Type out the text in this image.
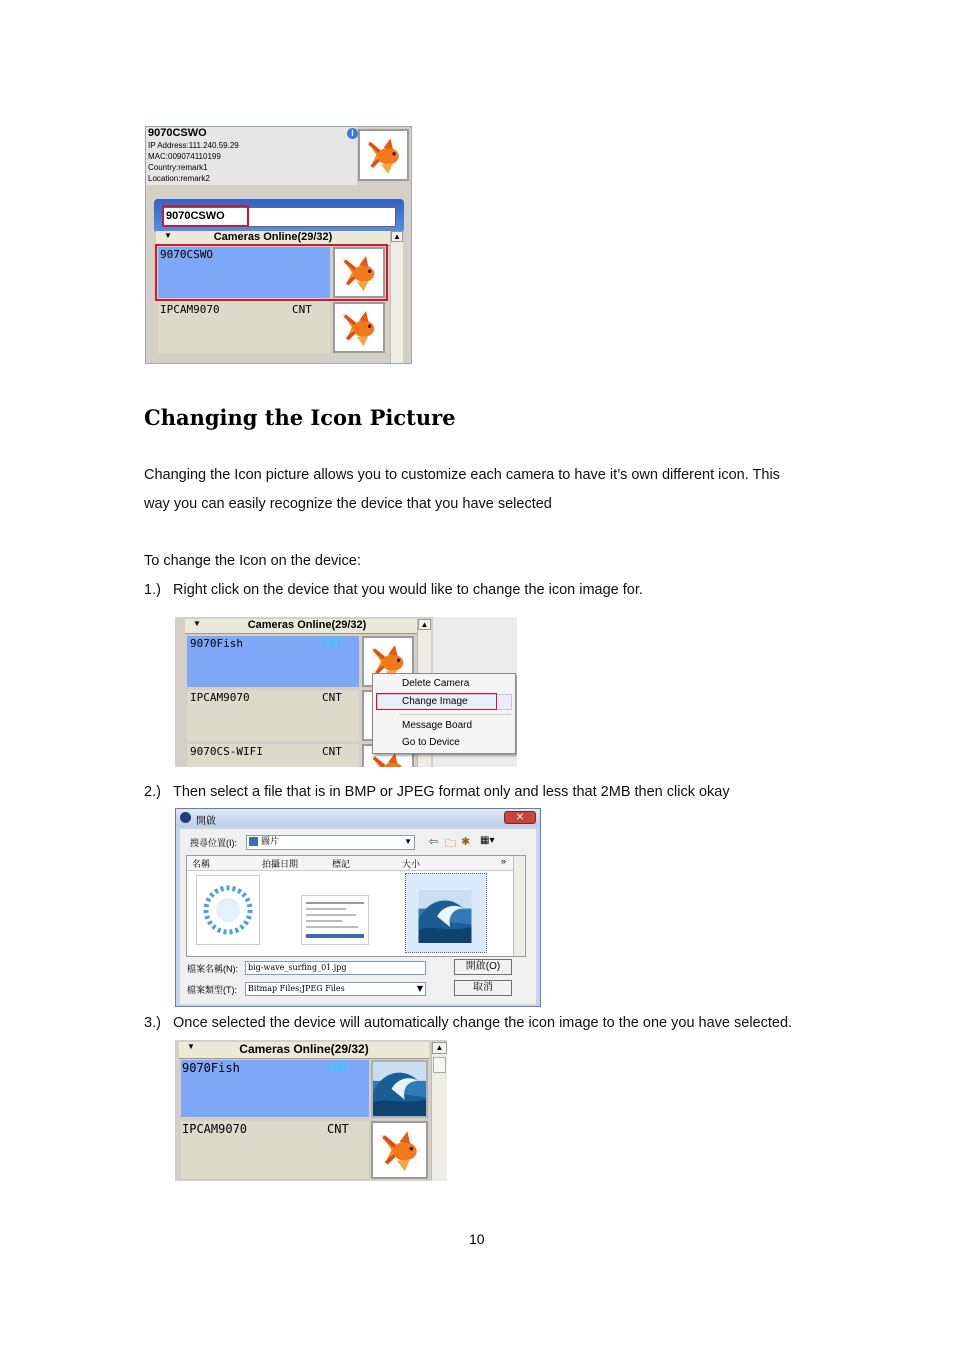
9070CSWO
IP Address:111.240.59.29
MAC:009074110199
Country:remark1
Location:remark2
i
9070CSWO
▼	Cameras Online(29/32)	▲
9070CSWO
IPCAM9070	CNT
Changing the Icon Picture
Changing the Icon picture allows you to customize each camera to have it’s own different icon. This
way you can easily recognize the device that you have selected
To change the Icon on the device:
1.) Right click on the device that you would like to change the icon image for.
▼	Cameras Online(29/32)	▲
9070Fish	CNT
IPCAM9070	CNT
9070CS-WIFI	CNT
Delete Camera
Change Image
Message Board
Go to Device
2.) Then select a file that is in BMP or JPEG format only and less that 2MB then click okay
開啟	✕
搜尋位置(I):	圖片	▼ ⇦ 🗀 ✱ ▦▾
名稱	拍攝日期	標記	大小	»
檔案名稱(N):	big-wave_surfing_01.jpg	開啟(O)
檔案類型(T):	Bitmap Files;JPEG Files	▼	取消
3.) Once selected the device will automatically change the icon image to the one you have selected.
▼	Cameras Online(29/32)	▲
9070Fish	CNT
IPCAM9070	CNT
10
